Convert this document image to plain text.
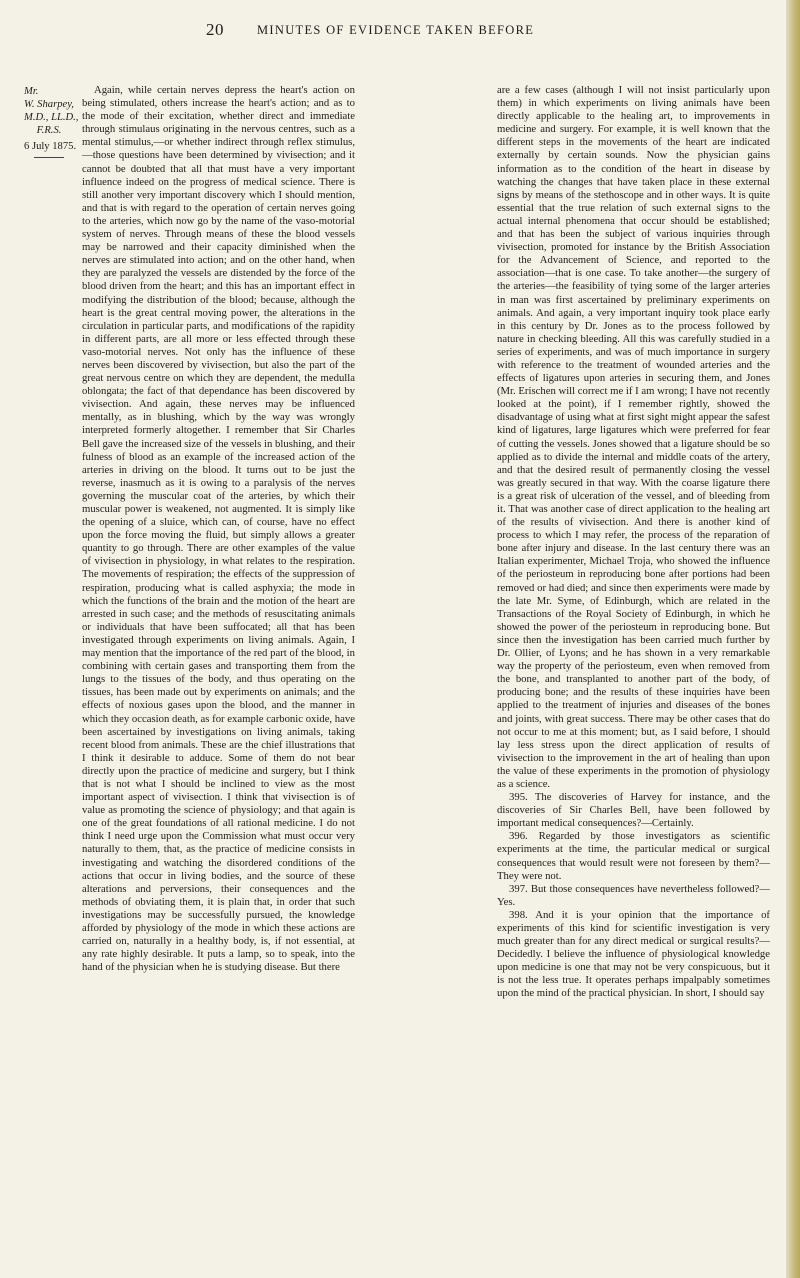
20	MINUTES OF EVIDENCE TAKEN BEFORE
Mr.
W. Sharpey,
M.D., LL.D.,
F.R.S.
6 July 1875.

Again, while certain nerves depress the heart's action on being stimulated, others increase the heart's action; and as to the mode of their excitation, whether direct and immediate through stimulaus originating in the nervous centres, such as a mental stimulus,—or whether indirect through reflex stimulus,—those questions have been determined by vivisection; and it cannot be doubted that all that must have a very important influence indeed on the progress of medical science. There is still another very important discovery which I should mention, and that is with regard to the operation of certain nerves going to the arteries, which now go by the name of the vaso-motorial system of nerves. Through means of these the blood vessels may be narrowed and their capacity diminished when the nerves are stimulated into action; and on the other hand, when they are paralyzed the vessels are distended by the force of the blood driven from the heart; and this has an important effect in modifying the distribution of the blood; because, although the heart is the great central moving power, the alterations in the circulation in particular parts, and modifications of the rapidity in different parts, are all more or less effected through these vaso-motorial nerves. Not only has the influence of these nerves been discovered by vivisection, but also the part of the great nervous centre on which they are dependent, the medulla oblongata; the fact of that dependance has been discovered by vivisection. And again, these nerves may be influenced mentally, as in blushing, which by the way was wrongly interpreted formerly altogether. I remember that Sir Charles Bell gave the increased size of the vessels in blushing, and their fulness of blood as an example of the increased action of the arteries in driving on the blood. It turns out to be just the reverse, inasmuch as it is owing to a paralysis of the nerves governing the muscular coat of the arteries, by which their muscular power is weakened, not augmented. It is simply like the opening of a sluice, which can, of course, have no effect upon the force moving the fluid, but simply allows a greater quantity to go through. There are other examples of the value of vivisection in physiology, in what relates to the respiration. The movements of respiration; the effects of the suppression of respiration, producing what is called asphyxia; the mode in which the functions of the brain and the motion of the heart are arrested in such case; and the methods of resuscitating animals or individuals that have been suffocated; all that has been investigated through experiments on living animals. Again, I may mention that the importance of the red part of the blood, in combining with certain gases and transporting them from the lungs to the tissues of the body, and thus operating on the tissues, has been made out by experiments on animals; and the effects of noxious gases upon the blood, and the manner in which they occasion death, as for example carbonic oxide, have been ascertained by investigations on living animals, taking recent blood from animals. These are the chief illustrations that I think it desirable to adduce. Some of them do not bear directly upon the practice of medicine and surgery, but I think that is not what I should be inclined to view as the most important aspect of vivisection. I think that vivisection is of value as promoting the science of physiology; and that again is one of the great foundations of all rational medicine. I do not think I need urge upon the Commission what must occur very naturally to them, that, as the practice of medicine consists in investigating and watching the disordered conditions of the actions that occur in living bodies, and the source of these alterations and perversions, their consequences and the methods of obviating them, it is plain that, in order that such investigations may be successfully pursued, the knowledge afforded by physiology of the mode in which these actions are carried on, naturally in a healthy body, is, if not essential, at any rate highly desirable. It puts a lamp, so to speak, into the hand of the physician when he is studying disease. But there

are a few cases (although I will not insist particularly upon them) in which experiments on living animals have been directly applicable to the healing art, to improvements in medicine and surgery. For example, it is well known that the different steps in the movements of the heart are indicated externally by certain sounds. Now the physician gains information as to the condition of the heart in disease by watching the changes that have taken place in these external signs by means of the stethoscope and in other ways. It is quite essential that the true relation of such external signs to the actual internal phenomena that occur should be established; and that has been the subject of various inquiries through vivisection, promoted for instance by the British Association for the Advancement of Science, and reported to the association—that is one case. To take another—the surgery of the arteries—the feasibility of tying some of the larger arteries in man was first ascertained by preliminary experiments on animals. And again, a very important inquiry took place early in this century by Dr. Jones as to the process followed by nature in checking bleeding. All this was carefully studied in a series of experiments, and was of much importance in surgery with reference to the treatment of wounded arteries and the effects of ligatures upon arteries in securing them, and Jones (Mr. Erischen will correct me if I am wrong; I have not recently looked at the point), if I remember rightly, showed the disadvantage of using what at first sight might appear the safest kind of ligatures, large ligatures which were preferred for fear of cutting the vessels. Jones showed that a ligature should be so applied as to divide the internal and middle coats of the artery, and that the desired result of permanently closing the vessel was greatly secured in that way. With the coarse ligature there is a great risk of ulceration of the vessel, and of bleeding from it. That was another case of direct application to the healing art of the results of vivisection. And there is another kind of process to which I may refer, the process of the reparation of bone after injury and disease. In the last century there was an Italian experimenter, Michael Troja, who showed the influence of the periosteum in reproducing bone after portions had been removed or had died; and since then experiments were made by the late Mr. Syme, of Edinburgh, which are related in the Transactions of the Royal Society of Edinburgh, in which he showed the power of the periosteum in reproducing bone. But since then the investigation has been carried much further by Dr. Ollier, of Lyons; and he has shown in a very remarkable way the property of the periosteum, even when removed from the bone, and transplanted to another part of the body, of producing bone; and the results of these inquiries have been applied to the treatment of injuries and diseases of the bones and joints, with great success. There may be other cases that do not occur to me at this moment; but, as I said before, I should lay less stress upon the direct application of results of vivisection to the improvement in the art of healing than upon the value of these experiments in the promotion of physiology as a science.

395. The discoveries of Harvey for instance, and the discoveries of Sir Charles Bell, have been followed by important medical consequences?—Certainly.

396. Regarded by those investigators as scientific experiments at the time, the particular medical or surgical consequences that would result were not foreseen by them?—They were not.

397. But those consequences have nevertheless followed?—Yes.

398. And it is your opinion that the importance of experiments of this kind for scientific investigation is very much greater than for any direct medical or surgical results?—Decidedly. I believe the influence of physiological knowledge upon medicine is one that may not be very conspicuous, but it is not the less true. It operates perhaps impalpably sometimes upon the mind of the practical physician. In short, I should say
